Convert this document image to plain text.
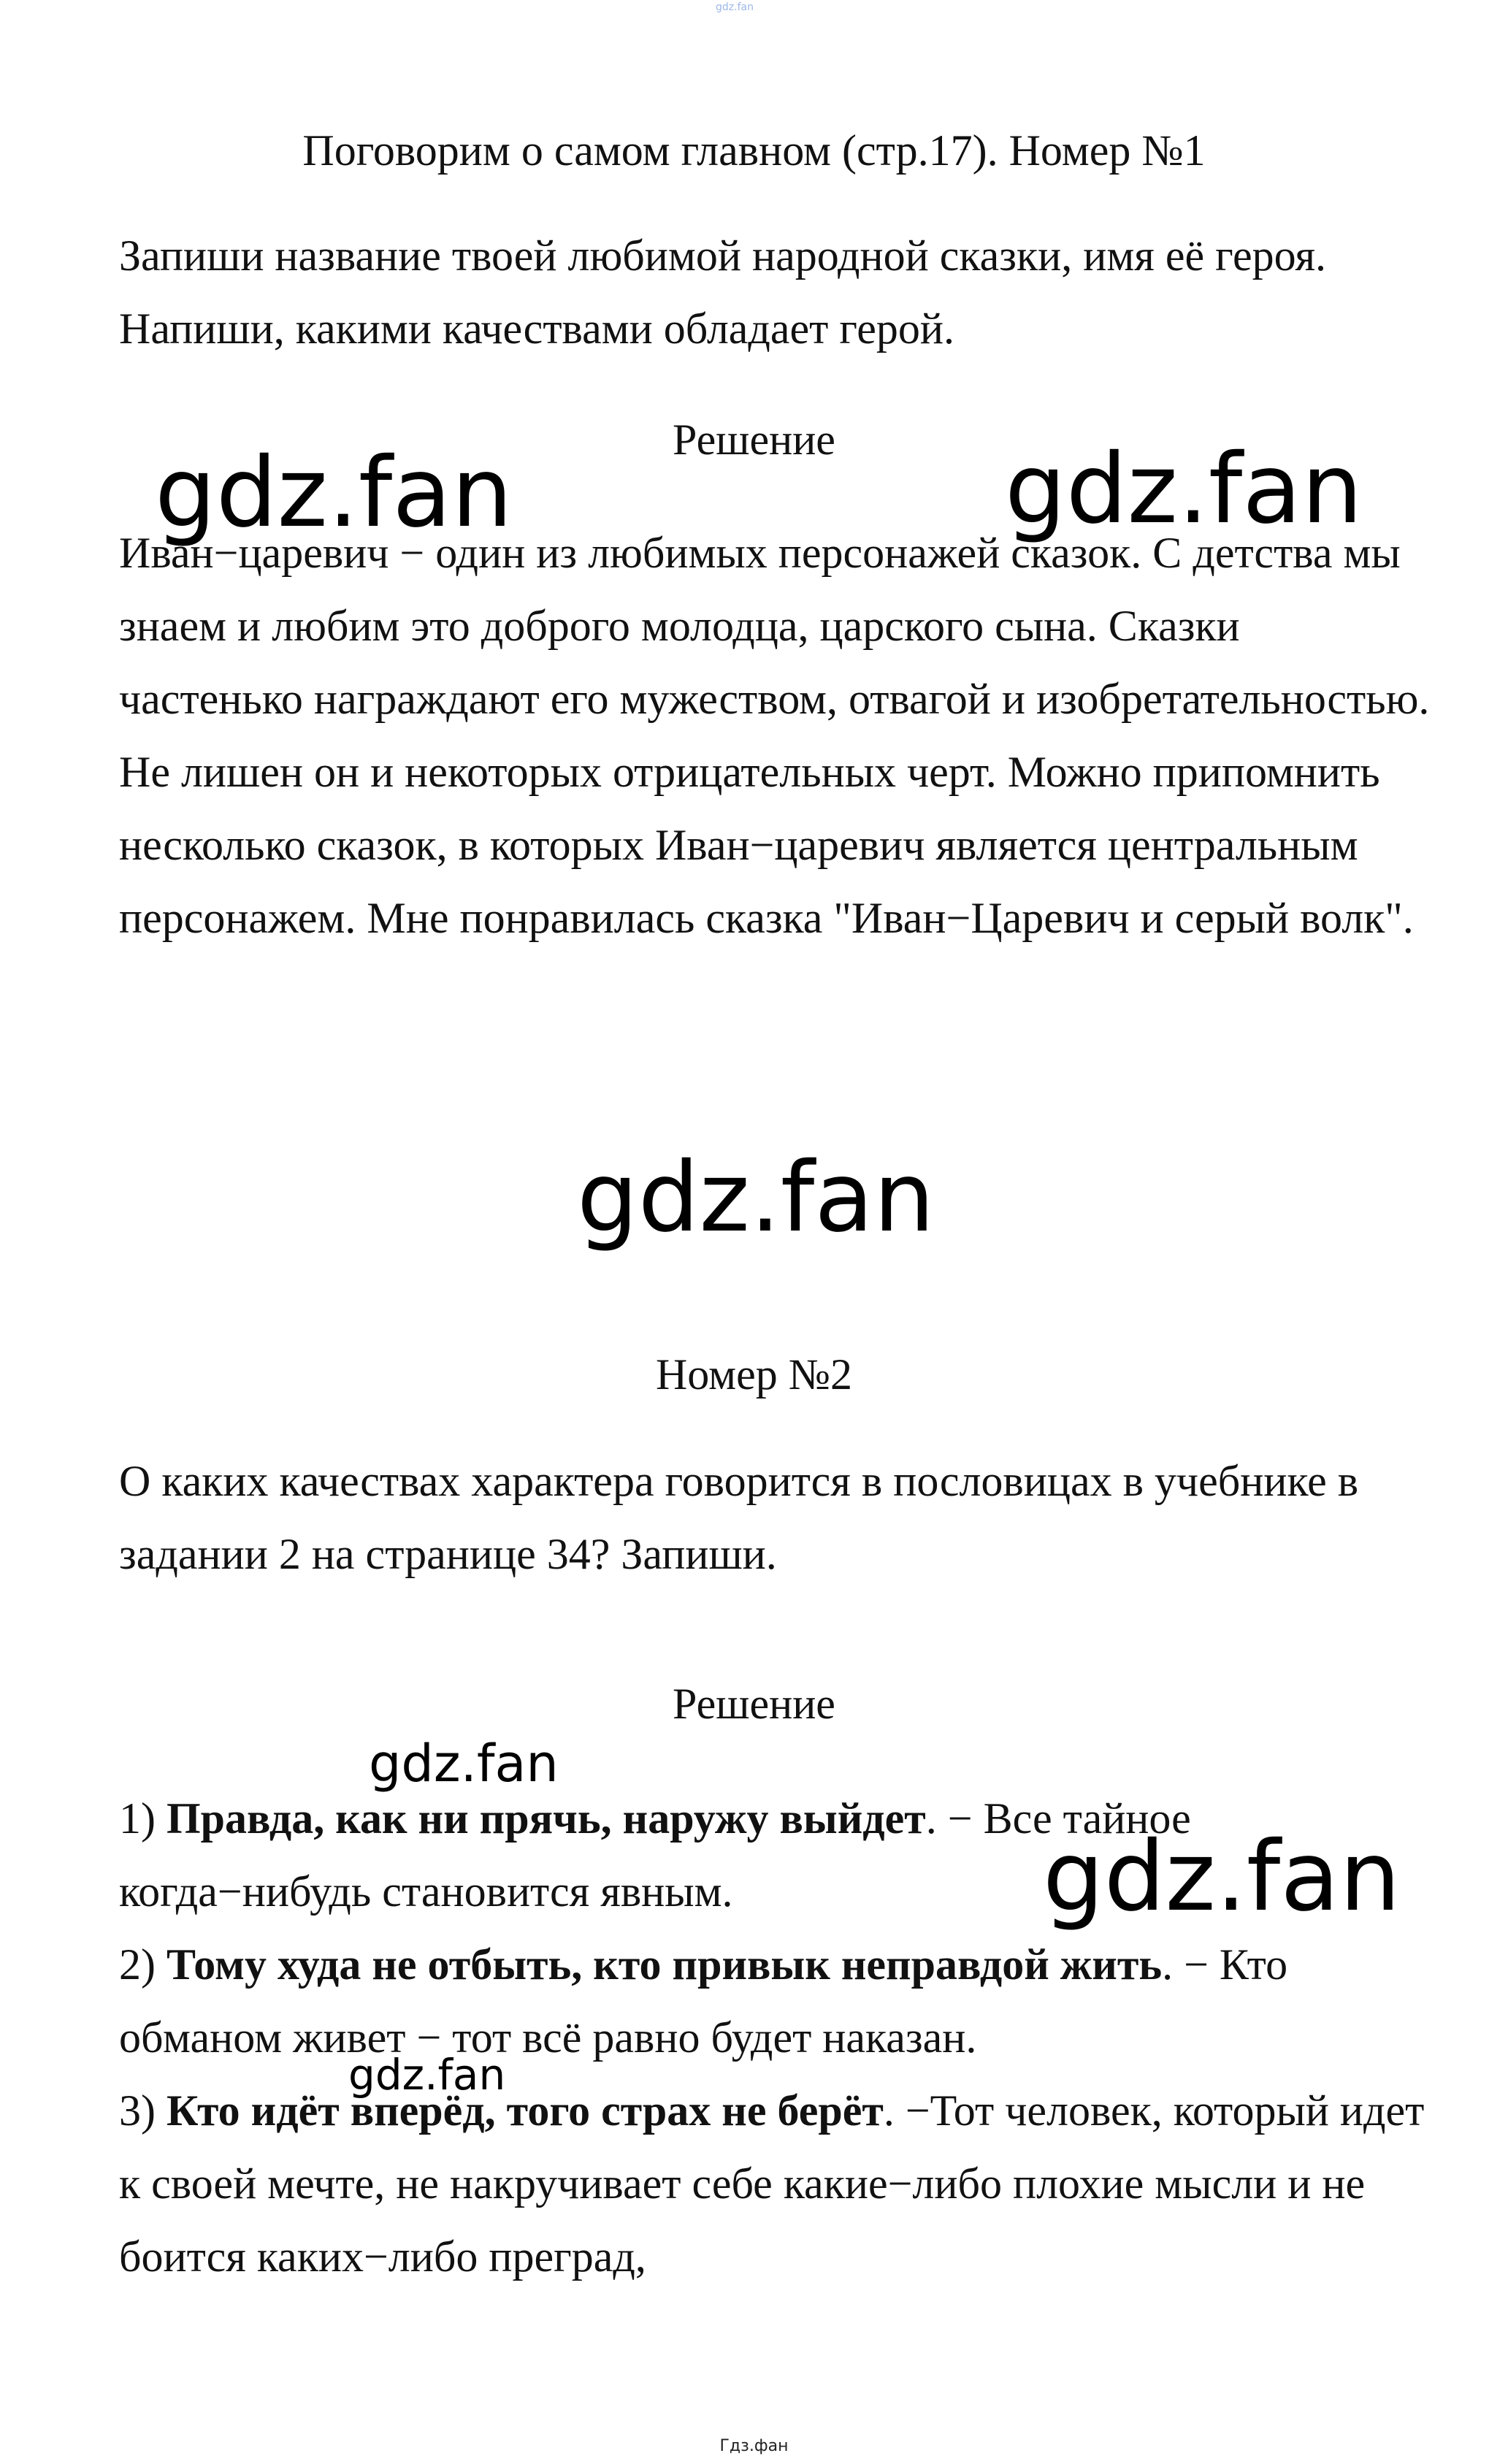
gdz.fan
Поговорим о самом главном (стр.17). Номер №1

Запиши название твоей любимой народной сказки, имя её героя. Напиши, какими качествами обладает герой.

Решение

Иван−царевич − один из любимых персонажей сказок. С детства мы знаем и любим это доброго молодца, царского сына. Сказки частенько награждают его мужеством, отвагой и изобретательностью. Не лишен он и некоторых отрицательных черт. Можно припомнить несколько сказок, в которых Иван−царевич является центральным персонажем. Мне понравилась сказка "Иван−Царевич и серый волк".

Номер №2

О каких качествах характера говорится в пословицах в учебнике в задании 2 на странице 34? Запиши.

Решение
1) Правда, как ни прячь, наружу выйдет. − Все тайное когда−нибудь становится явным.
2) Тому худа не отбыть, кто привык неправдой жить. − Кто обманом живет − тот всё равно будет наказан.
3) Кто идёт вперёд, того страх не берёт. −Тот человек, который идет к своей мечте, не накручивает себе какие−либо плохие мысли и не боится каких−либо преград,
gdz.fan	gdz.fan
gdz.fan
gdz.fan
gdz.fan
gdz.fan
Гдз.фан
